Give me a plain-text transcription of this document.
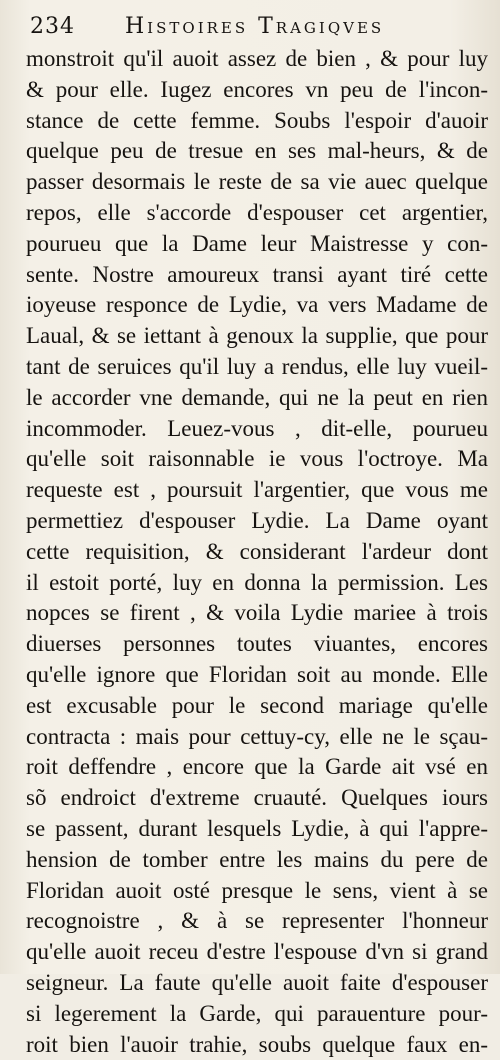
234 Histoires Tragiqves
monstroit qu'il auoit assez de bien , & pour luy
& pour elle. Iugez encores vn peu de l'incon-
stance de cette femme. Soubs l'espoir d'auoir
quelque peu de tresue en ses mal-heurs, & de
passer desormais le reste de sa vie auec quelque
repos, elle s'accorde d'espouser cet argentier,
pourueu que la Dame leur Maistresse y con-
sente. Nostre amoureux transi ayant tiré cette
ioyeuse responce de Lydie, va vers Madame de
Laual, & se iettant à genoux la supplie, que pour
tant de seruices qu'il luy a rendus, elle luy vueil-
le accorder vne demande, qui ne la peut en rien
incommoder. Leuez-vous , dit-elle, pourueu
qu'elle soit raisonnable ie vous l'octroye. Ma
requeste est , poursuit l'argentier, que vous me
permettiez d'espouser Lydie. La Dame oyant
cette requisition, & considerant l'ardeur dont
il estoit porté, luy en donna la permission. Les
nopces se firent , & voila Lydie mariee à trois
diuerses personnes toutes viuantes, encores
qu'elle ignore que Floridan soit au monde. Elle
est excusable pour le second mariage qu'elle
contracta : mais pour cettuy-cy, elle ne le sçau-
roit deffendre , encore que la Garde ait vsé en
sõ endroict d'extreme cruauté. Quelques iours
se passent, durant lesquels Lydie, à qui l'appre-
hension de tomber entre les mains du pere de
Floridan auoit osté presque le sens, vient à se
recognoistre , & à se representer l'honneur
qu'elle auoit receu d'estre l'espouse d'vn si grand
seigneur. La faute qu'elle auoit faite d'espouser
si legerement la Garde, qui parauenture pour-
roit bien l'auoir trahie, soubs quelque faux en-
